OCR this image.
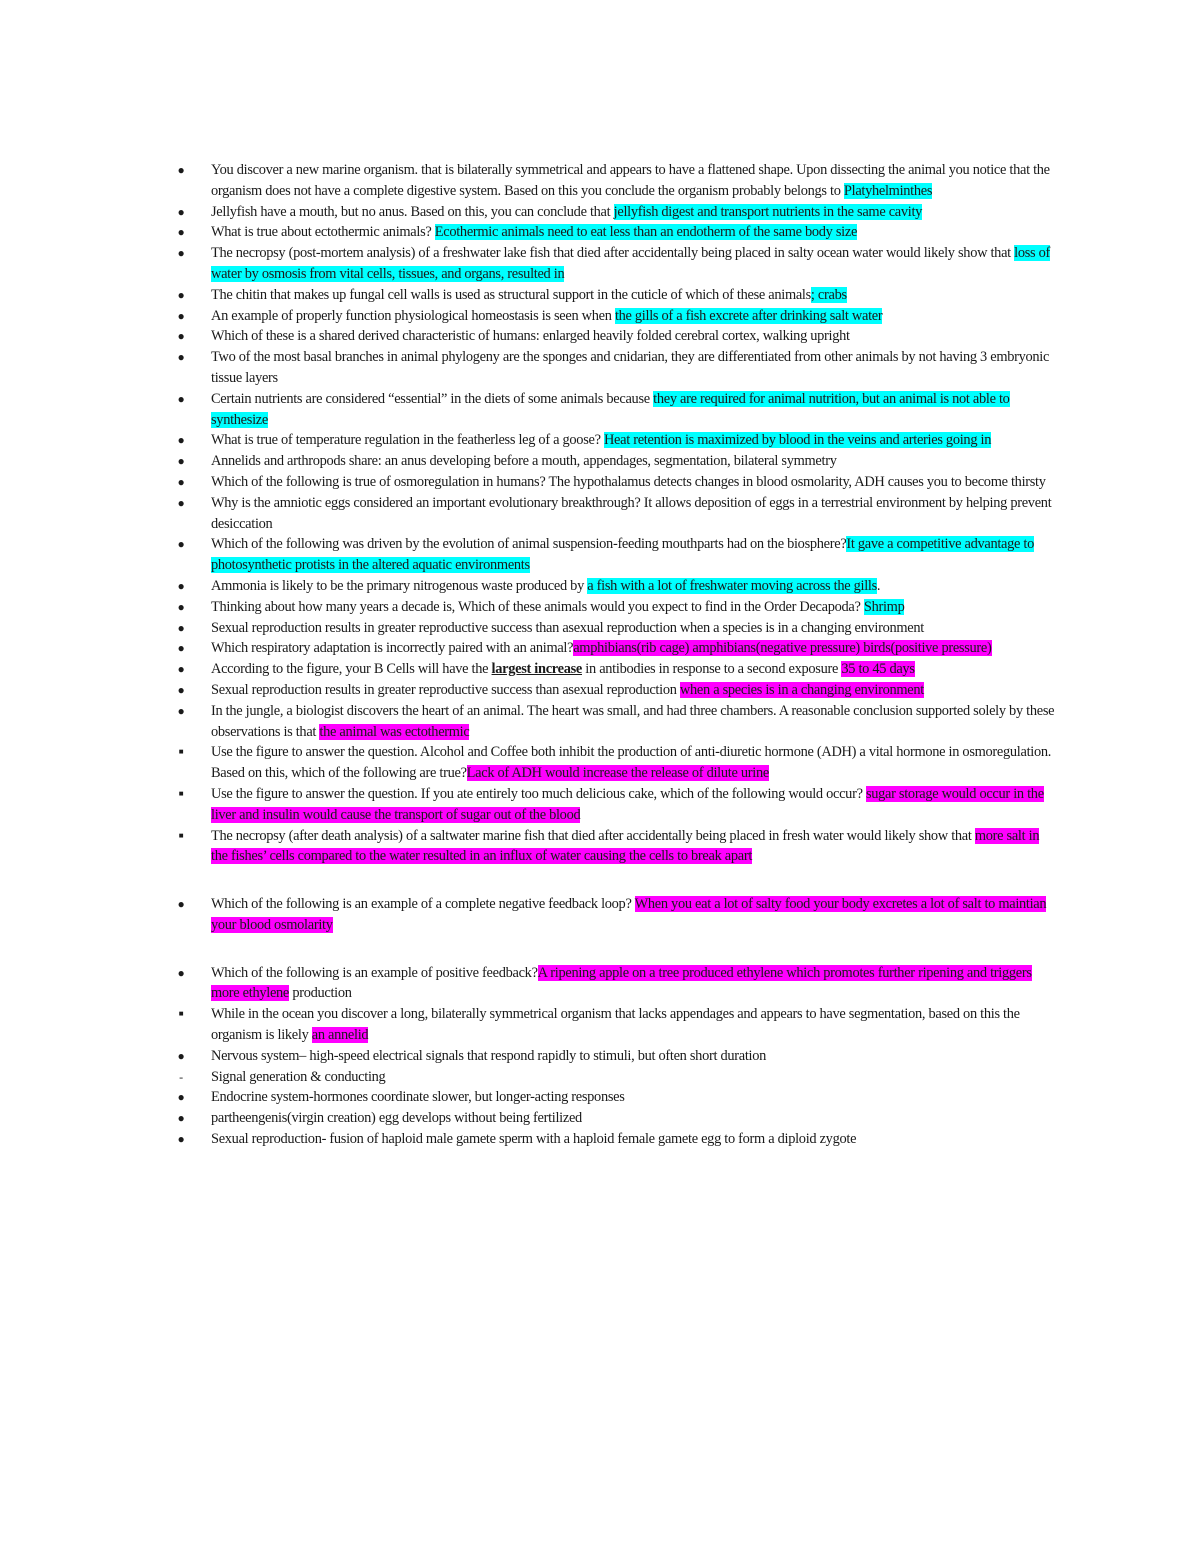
● You discover a new marine organism. that is bilaterally symmetrical and appears to have a flattened shape. Upon dissecting the animal you notice that the organism does not have a complete digestive system. Based on this you conclude the organism probably belongs to Platyhelminthes
● Jellyfish have a mouth, but no anus. Based on this, you can conclude that jellyfish digest and transport nutrients in the same cavity
● What is true about ectothermic animals? Ecothermic animals need to eat less than an endotherm of the same body size
● The necropsy (post-mortem analysis) of a freshwater lake fish that died after accidentally being placed in salty ocean water would likely show that loss of water by osmosis from vital cells, tissues, and organs, resulted in
● The chitin that makes up fungal cell walls is used as structural support in the cuticle of which of these animals; crabs
● An example of properly function physiological homeostasis is seen when the gills of a fish excrete after drinking salt water
● Which of these is a shared derived characteristic of humans: enlarged heavily folded cerebral cortex, walking upright
● Two of the most basal branches in animal phylogeny are the sponges and cnidarian, they are differentiated from other animals by not having 3 embryonic tissue layers
● Certain nutrients are considered “essential” in the diets of some animals because they are required for animal nutrition, but an animal is not able to synthesize
● What is true of temperature regulation in the featherless leg of a goose? Heat retention is maximized by blood in the veins and arteries going in
● Annelids and arthropods share: an anus developing before a mouth, appendages, segmentation, bilateral symmetry
● Which of the following is true of osmoregulation in humans? The hypothalamus detects changes in blood osmolarity, ADH causes you to become thirsty
● Why is the amniotic eggs considered an important evolutionary breakthrough? It allows deposition of eggs in a terrestrial environment by helping prevent desiccation
● Which of the following was driven by the evolution of animal suspension-feeding mouthparts had on the biosphere?It gave a competitive advantage to photosynthetic protists in the altered aquatic environments
● Ammonia is likely to be the primary nitrogenous waste produced by a fish with a lot of freshwater moving across the gills.
● Thinking about how many years a decade is, Which of these animals would you expect to find in the Order Decapoda? Shrimp
● Sexual reproduction results in greater reproductive success than asexual reproduction when a species is in a changing environment
● Which respiratory adaptation is incorrectly paired with an animal?amphibians(rib cage) amphibians(negative pressure) birds(positive pressure)
● According to the figure, your B Cells will have the largest increase in antibodies in response to a second exposure 35 to 45 days
● Sexual reproduction results in greater reproductive success than asexual reproduction when a species is in a changing environment
● In the jungle, a biologist discovers the heart of an animal. The heart was small, and had three chambers. A reasonable conclusion supported solely by these observations is that the animal was ectothermic
■ Use the figure to answer the question. Alcohol and Coffee both inhibit the production of anti-diuretic hormone (ADH) a vital hormone in osmoregulation. Based on this, which of the following are true?Lack of ADH would increase the release of dilute urine
■ Use the figure to answer the question. If you ate entirely too much delicious cake, which of the following would occur? sugar storage would occur in the liver and insulin would cause the transport of sugar out of the blood
■ The necropsy (after death analysis) of a saltwater marine fish that died after accidentally being placed in fresh water would likely show that more salt in the fishes’ cells compared to the water resulted in an influx of water causing the cells to break apart
● Which of the following is an example of a complete negative feedback loop? When you eat a lot of salty food your body excretes a lot of salt to maintian your blood osmolarity
● Which of the following is an example of positive feedback?A ripening apple on a tree produced ethylene which promotes further ripening and triggers more ethylene production
■ While in the ocean you discover a long, bilaterally symmetrical organism that lacks appendages and appears to have segmentation, based on this the organism is likely an annelid
● Nervous system– high-speed electrical signals that respond rapidly to stimuli, but often short duration
- Signal generation & conducting
● Endocrine system-hormones coordinate slower, but longer-acting responses
● partheengenis(virgin creation) egg develops without being fertilized
● Sexual reproduction- fusion of haploid male gamete sperm with a haploid female gamete egg to form a diploid zygote
